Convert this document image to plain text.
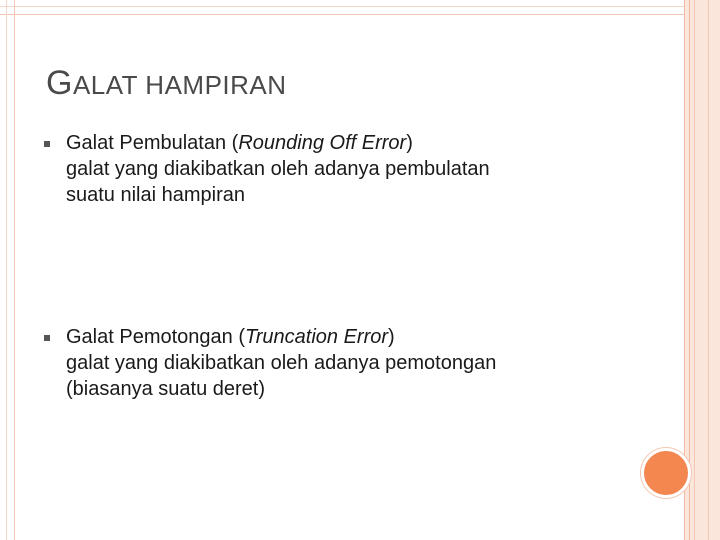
GALAT HAMPIRAN
Galat Pembulatan (Rounding Off Error)
galat yang diakibatkan oleh adanya pembulatan
suatu nilai hampiran
Galat Pemotongan (Truncation Error)
galat yang diakibatkan oleh adanya pemotongan
(biasanya suatu deret)
